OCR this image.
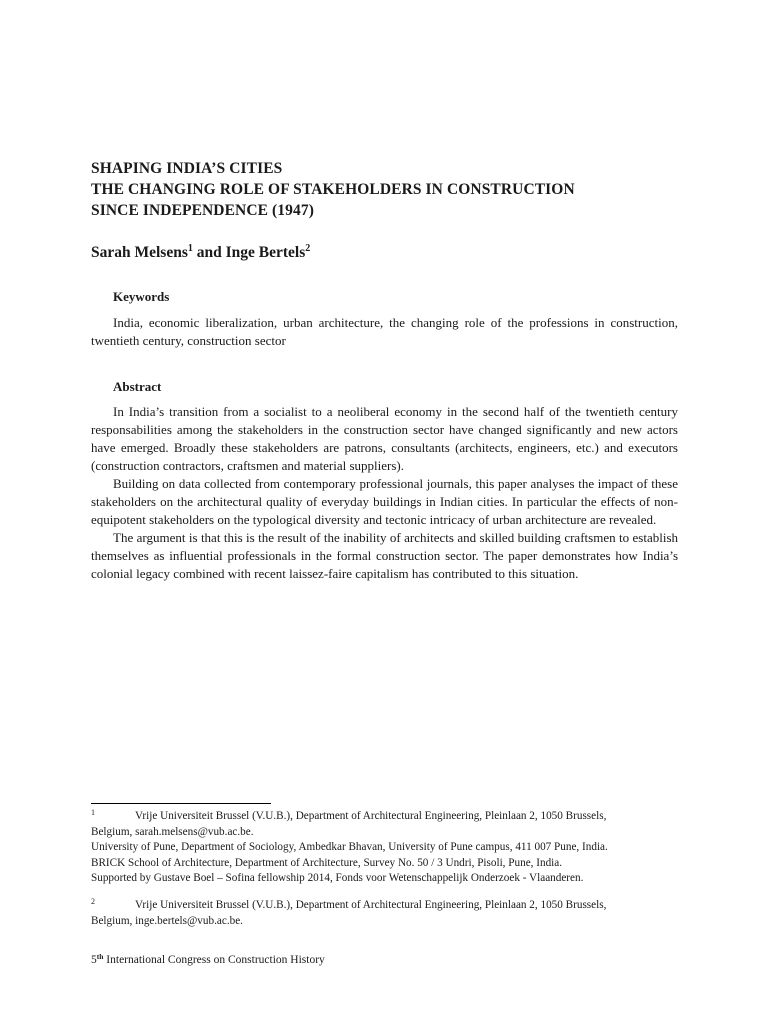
SHAPING INDIA’S CITIES
THE CHANGING ROLE OF STAKEHOLDERS IN CONSTRUCTION
SINCE INDEPENDENCE (1947)
Sarah Melsens$^1$ and Inge Bertels$^2$
Keywords

India, economic liberalization, urban architecture, the changing role of the professions in construction, twentieth century, construction sector

Abstract

In India’s transition from a socialist to a neoliberal economy in the second half of the twentieth century responsabilities among the stakeholders in the construction sector have changed significantly and new actors have emerged. Broadly these stakeholders are patrons, consultants (architects, engineers, etc.) and executors (construction contractors, craftsmen and material suppliers).

Building on data collected from contemporary professional journals, this paper analyses the impact of these stakeholders on the architectural quality of everyday buildings in Indian cities. In particular the effects of non-equipotent stakeholders on the typological diversity and tectonic intricacy of urban architecture are revealed.

The argument is that this is the result of the inability of architects and skilled building craftsmen to establish themselves as influential professionals in the formal construction sector. The paper demonstrates how India’s colonial legacy combined with recent laissez-faire capitalism has contributed to this situation.

1	Vrije Universiteit Brussel (V.U.B.), Department of Architectural Engineering, Pleinlaan 2, 1050 Brussels,
Belgium, sarah.melsens@vub.ac.be.
University of Pune, Department of Sociology, Ambedkar Bhavan, University of Pune campus, 411 007 Pune, India.
BRICK School of Architecture, Department of Architecture, Survey No. 50 / 3 Undri, Pisoli, Pune, India.
Supported by Gustave Boel – Sofina fellowship 2014, Fonds voor Wetenschappelijk Onderzoek - Vlaanderen.
2	Vrije Universiteit Brussel (V.U.B.), Department of Architectural Engineering, Pleinlaan 2, 1050 Brussels,
Belgium, inge.bertels@vub.ac.be.
5th International Congress on Construction History
